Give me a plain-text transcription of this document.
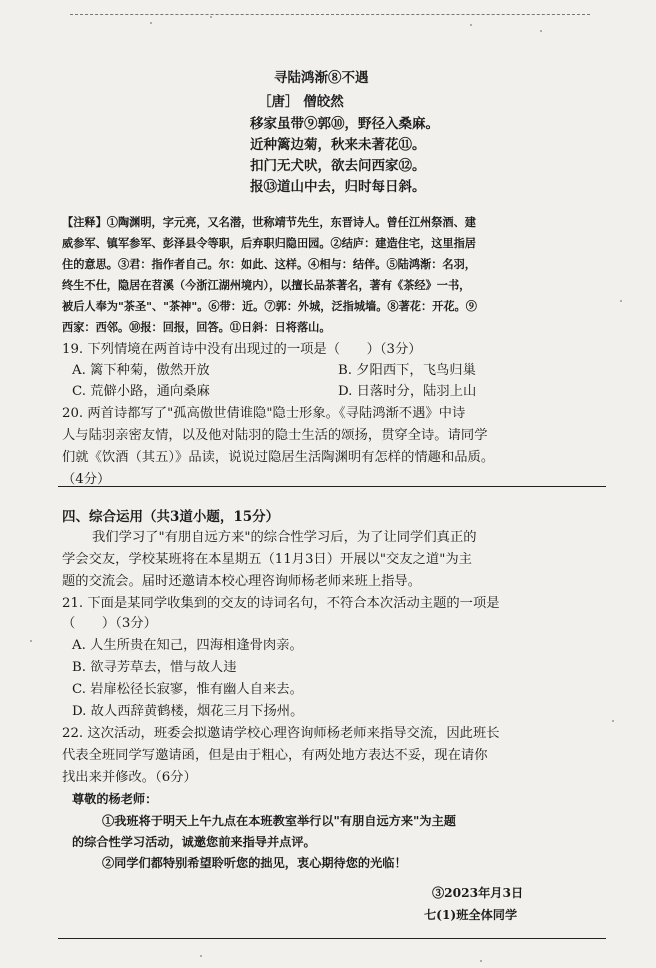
寻陆鸿渐⑧不遇
［唐］ 僧皎然
移家虽带⑨郭⑩，野径入桑麻。
近种篱边菊，秋来未著花⑪。
扣门无犬吠，欲去问西家⑫。
报⑬道山中去，归时每日斜。
【注释】①陶渊明，字元亮，又名潜，世称靖节先生，东晋诗人。曾任江州祭酒、建
威参军、镇军参军、彭泽县令等职，后弃职归隐田园。②结庐：建造住宅，这里指居
住的意思。③君：指作者自己。尔：如此、这样。④相与：结伴。⑤陆鸿渐：名羽，
终生不仕，隐居在苕溪（今浙江湖州境内），以擅长品茶著名，著有《茶经》一书，
被后人奉为"茶圣"、"茶神"。⑥带：近。⑦郭：外城，泛指城墙。⑧著花：开花。⑨
西家：西邻。⑩报：回报，回答。⑪日斜：日将落山。
19. 下列情境在两首诗中没有出现过的一项是（　　）（3分）
A. 篱下种菊，傲然开放	B. 夕阳西下，飞鸟归巢
C. 荒僻小路，通向桑麻	D. 日落时分，陆羽上山
20. 两首诗都写了"孤高傲世倩谁隐"隐士形象。《寻陆鸿渐不遇》中诗
人与陆羽亲密友情，以及他对陆羽的隐士生活的颂扬，贯穿全诗。请同学
们就《饮酒（其五）》品读，说说过隐居生活陶渊明有怎样的情趣和品质。
（4分）
四、综合运用（共3道小题，15分）
我们学习了"有朋自远方来"的综合性学习后，为了让同学们真正的
学会交友，学校某班将在本星期五（11月3日）开展以"交友之道"为主
题的交流会。届时还邀请本校心理咨询师杨老师来班上指导。
21. 下面是某同学收集到的交友的诗词名句，不符合本次活动主题的一项是
（　　）（3分）
A. 人生所贵在知己，四海相逢骨肉亲。
B. 欲寻芳草去，惜与故人违
C. 岩扉松径长寂寥，惟有幽人自来去。
D. 故人西辞黄鹤楼，烟花三月下扬州。
22. 这次活动，班委会拟邀请学校心理咨询师杨老师来指导交流，因此班长
代表全班同学写邀请函，但是由于粗心，有两处地方表达不妥，现在请你
找出来并修改。（6分）
尊敬的杨老师：
①我班将于明天上午九点在本班教室举行以"有朋自远方来"为主题
的综合性学习活动，诚邀您前来指导并点评。
②同学们都特别希望聆听您的拙见，衷心期待您的光临！
③2023年月3日
七(1)班全体同学
